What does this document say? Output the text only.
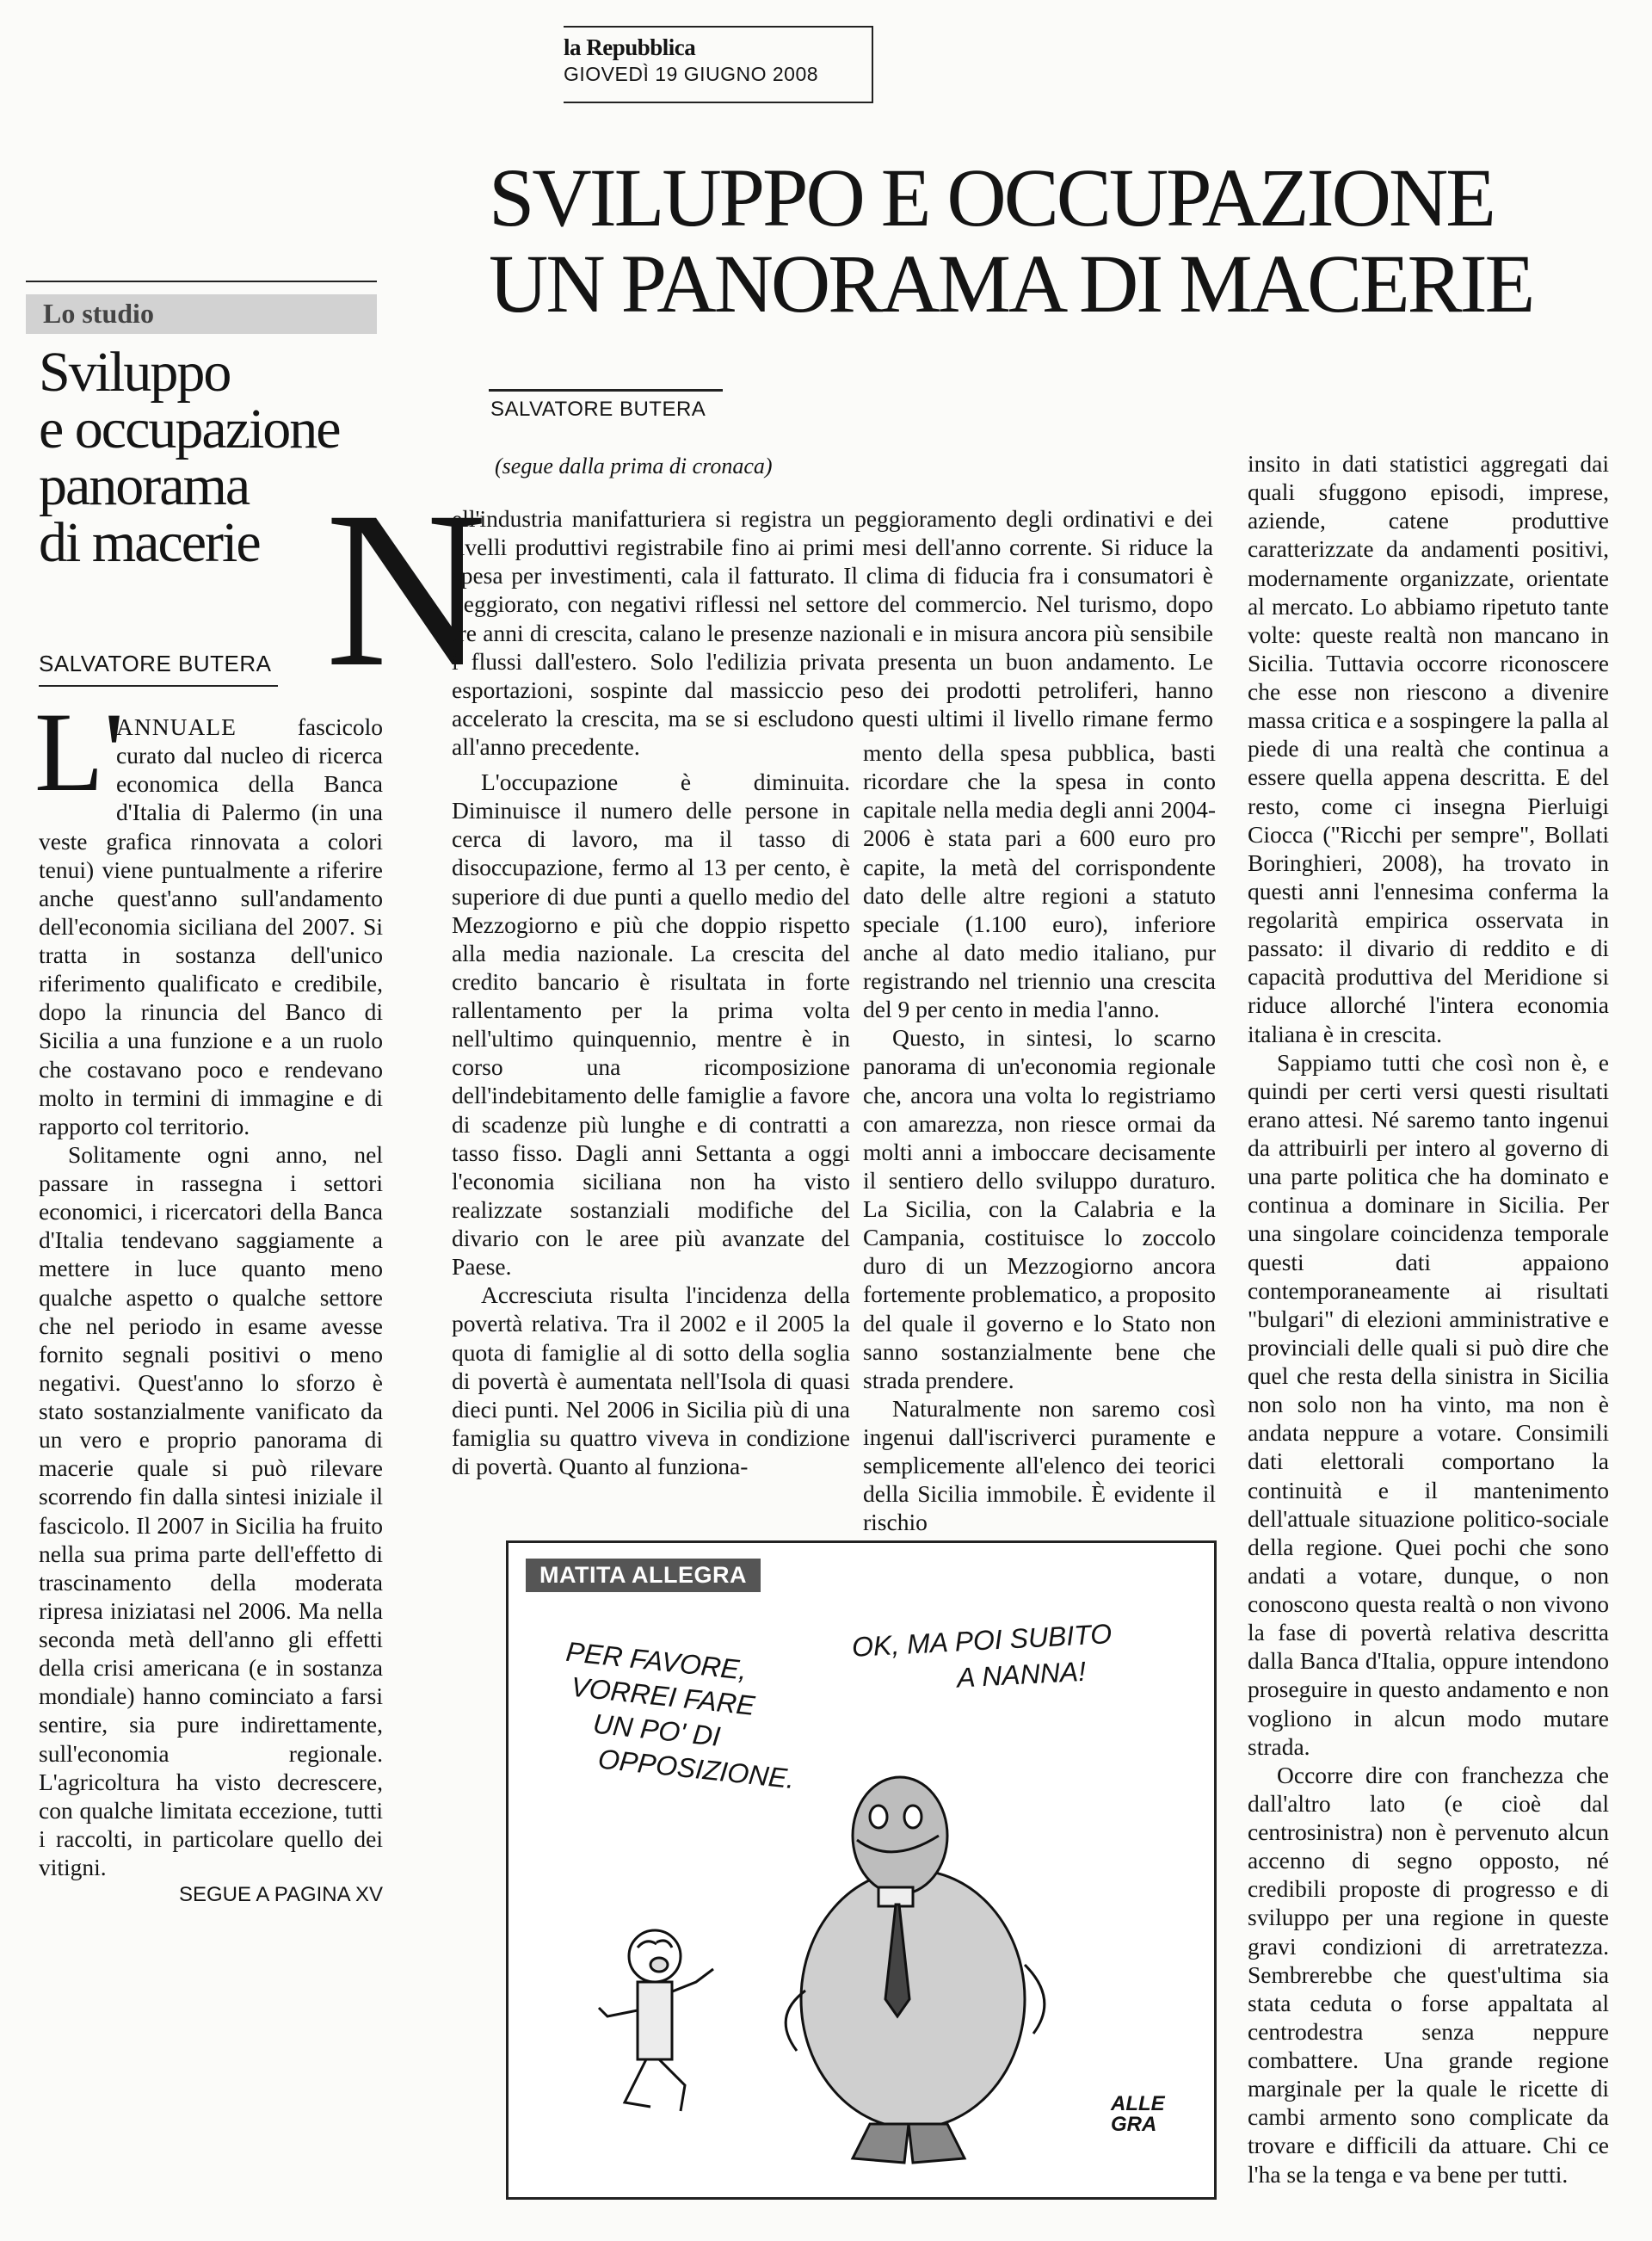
la Repubblica
GIOVEDÌ 19 GIUGNO 2008
SVILUPPO E OCCUPAZIONE
UN PANORAMA DI MACERIE
SALVATORE BUTERA
(segue dalla prima di cronaca)
N

ell'industria manifatturiera si registra un peggioramento degli ordinativi e dei livelli produttivi registrabile fino ai primi mesi dell'anno corrente. Si riduce la spesa per investimenti, cala il fatturato. Il clima di fiducia fra i consumatori è peggiorato, con negativi riflessi nel settore del commercio. Nel turismo, dopo tre anni di crescita, calano le presenze nazionali e in misura ancora più sensibile i flussi dall'estero. Solo l'edilizia privata presenta un buon andamento. Le esportazioni, sospinte dal massiccio peso dei prodotti petroliferi, hanno accelerato la crescita, ma se si escludono questi ultimi il livello rimane fermo all'anno precedente.

L'occupazione è diminuita. Diminuisce il numero delle persone in cerca di lavoro, ma il tasso di disoccupazione, fermo al 13 per cento, è superiore di due punti a quello medio del Mezzogiorno e più che doppio rispetto alla media nazionale. La crescita del credito bancario è risultata in forte rallentamento per la prima volta nell'ultimo quinquennio, mentre è in corso una ricomposizione dell'indebitamento delle famiglie a favore di scadenze più lunghe e di contratti a tasso fisso. Dagli anni Settanta a oggi l'economia siciliana non ha visto realizzate sostanziali modifiche del divario con le aree più avanzate del Paese.

Accresciuta risulta l'incidenza della povertà relativa. Tra il 2002 e il 2005 la quota di famiglie al di sotto della soglia di povertà è aumentata nell'Isola di quasi dieci punti. Nel 2006 in Sicilia più di una famiglia su quattro viveva in condizione di povertà. Quanto al funziona-

mento della spesa pubblica, basti ricordare che la spesa in conto capitale nella media degli anni 2004-2006 è stata pari a 600 euro pro capite, la metà del corrispondente dato delle altre regioni a statuto speciale (1.100 euro), inferiore anche al dato medio italiano, pur registrando nel triennio una crescita del 9 per cento in media l'anno.

Questo, in sintesi, lo scarno panorama di un'economia regionale che, ancora una volta lo registriamo con amarezza, non riesce ormai da molti anni a imboccare decisamente il sentiero dello sviluppo duraturo. La Sicilia, con la Calabria e la Campania, costituisce lo zoccolo duro di un Mezzogiorno ancora fortemente problematico, a proposito del quale il governo e lo Stato non sanno sostanzialmente bene che strada prendere.

Naturalmente non saremo così ingenui dall'iscriverci puramente e semplicemente all'elenco dei teorici della Sicilia immobile. È evidente il rischio

insito in dati statistici aggregati dai quali sfuggono episodi, imprese, aziende, catene produttive caratterizzate da andamenti positivi, modernamente organizzate, orientate al mercato. Lo abbiamo ripetuto tante volte: queste realtà non mancano in Sicilia. Tuttavia occorre riconoscere che esse non riescono a divenire massa critica e a sospingere la palla al piede di una realtà che continua a essere quella appena descritta. E del resto, come ci insegna Pierluigi Ciocca ("Ricchi per sempre", Bollati Boringhieri, 2008), ha trovato in questi anni l'ennesima conferma la regolarità empirica osservata in passato: il divario di reddito e di capacità produttiva del Meridione si riduce allorché l'intera economia italiana è in crescita.

Sappiamo tutti che così non è, e quindi per certi versi questi risultati erano attesi. Né saremo tanto ingenui da attribuirli per intero al governo di una parte politica che ha dominato e continua a dominare in Sicilia. Per una singolare coincidenza temporale questi dati appaiono contemporaneamente ai risultati "bulgari" di elezioni amministrative e provinciali delle quali si può dire che quel che resta della sinistra in Sicilia non solo non ha vinto, ma non è andata neppure a votare. Consimili dati elettorali comportano la continuità e il mantenimento dell'attuale situazione politico-sociale della regione. Quei pochi che sono andati a votare, dunque, o non conoscono questa realtà o non vivono la fase di povertà relativa descritta dalla Banca d'Italia, oppure intendono proseguire in questo andamento e non vogliono in alcun modo mutare strada.

Occorre dire con franchezza che dall'altro lato (e cioè dal centrosinistra) non è pervenuto alcun accenno di segno opposto, né credibili proposte di progresso e di sviluppo per una regione in queste gravi condizioni di arretratezza. Sembrerebbe che quest'ultima sia stata ceduta o forse appaltata al centrodestra senza neppure combattere. Una grande regione marginale per la quale le ricette di cambi armento sono complicate da trovare e difficili da attuare. Chi ce l'ha se la tenga e va bene per tutti.

Lo studio
Sviluppo
e occupazione
panorama
di macerie
SALVATORE BUTERA
L'

ANNUALE fascicolo curato dal nucleo di ricerca economica della Banca d'Italia di Palermo (in una veste grafica rinnovata a colori tenui) viene puntualmente a riferire anche quest'anno sull'andamento dell'economia siciliana del 2007. Si tratta in sostanza dell'unico riferimento qualificato e credibile, dopo la rinuncia del Banco di Sicilia a una funzione e a un ruolo che costavano poco e rendevano molto in termini di immagine e di rapporto col territorio.

Solitamente ogni anno, nel passare in rassegna i settori economici, i ricercatori della Banca d'Italia tendevano saggiamente a mettere in luce quanto meno qualche aspetto o qualche settore che nel periodo in esame avesse fornito segnali positivi o meno negativi. Quest'anno lo sforzo è stato sostanzialmente vanificato da un vero e proprio panorama di macerie quale si può rilevare scorrendo fin dalla sintesi iniziale il fascicolo. Il 2007 in Sicilia ha fruito nella sua prima parte dell'effetto di trascinamento della moderata ripresa iniziatasi nel 2006. Ma nella seconda metà dell'anno gli effetti della crisi americana (e in sostanza mondiale) hanno cominciato a farsi sentire, sia pure indirettamente, sull'economia regionale. L'agricoltura ha visto decrescere, con qualche limitata eccezione, tutti i raccolti, in particolare quello dei vitigni.

SEGUE A PAGINA XV
MATITA ALLEGRA
PER FAVORE,
VORREI FARE
UN PO' DI
OPPOSIZIONE.
OK, MA POI SUBITO
A NANNA!
ALLEGRA
